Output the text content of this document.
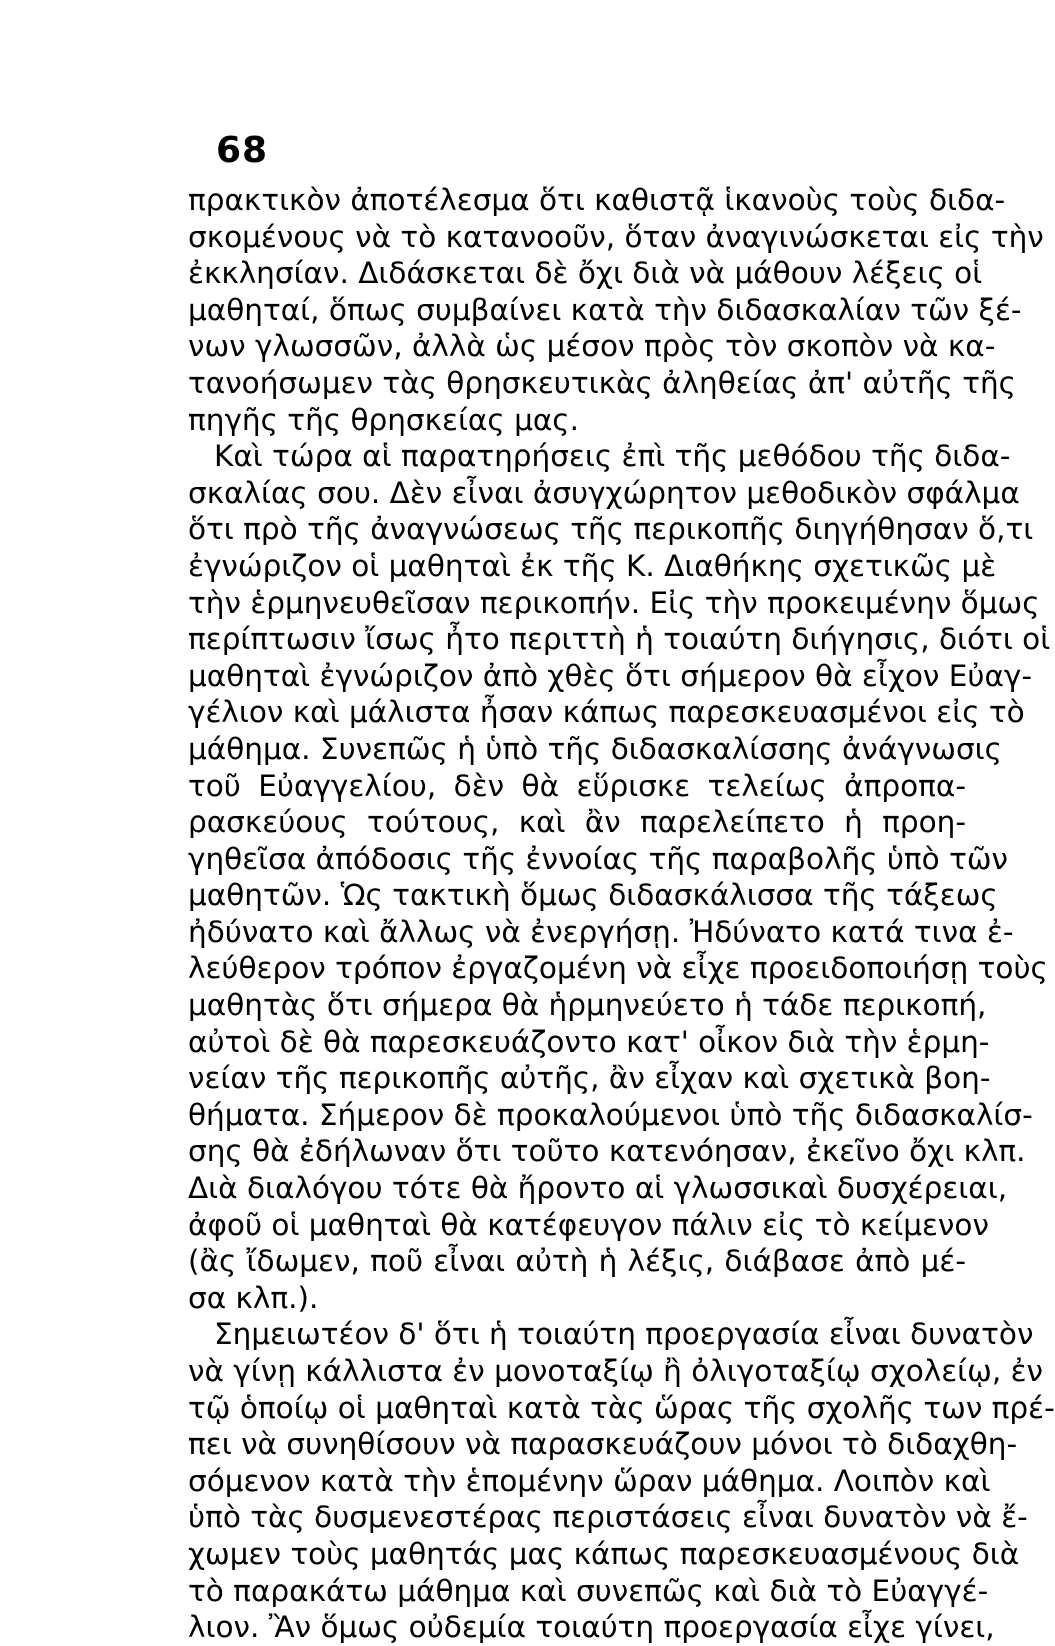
68
πρακτικὸν ἀποτέλεσμα ὅτι καθιστᾷ ἱκανοὺς τοὺς διδα-
σκομένους νὰ τὸ κατανοοῦν, ὅταν ἀναγινώσκεται εἰς τὴν
ἐκκλησίαν. Διδάσκεται δὲ ὄχι διὰ νὰ μάθουν λέξεις οἱ
μαθηταί, ὅπως συμβαίνει κατὰ τὴν διδασκαλίαν τῶν ξέ-
νων γλωσσῶν, ἀλλὰ ὡς μέσον πρὸς τὸν σκοπὸν νὰ κα-
τανοήσωμεν τὰς θρησκευτικὰς ἀληθείας ἀπ' αὐτῆς τῆς
πηγῆς τῆς θρησκείας μας.
Καὶ τώρα αἱ παρατηρήσεις ἐπὶ τῆς μεθόδου τῆς διδα-
σκαλίας σου. Δὲν εἶναι ἀσυγχώρητον μεθοδικὸν σφάλμα
ὅτι πρὸ τῆς ἀναγνώσεως τῆς περικοπῆς διηγήθησαν ὅ,τι
ἐγνώριζον οἱ μαθηταὶ ἐκ τῆς Κ. Διαθήκης σχετικῶς μὲ
τὴν ἑρμηνευθεῖσαν περικοπήν. Εἰς τὴν προκειμένην ὅμως
περίπτωσιν ἴσως ἦτο περιττὴ ἡ τοιαύτη διήγησις, διότι οἱ
μαθηταὶ ἐγνώριζον ἀπὸ χθὲς ὅτι σήμερον θὰ εἶχον Εὐαγ-
γέλιον καὶ μάλιστα ἦσαν κάπως παρεσκευασμένοι εἰς τὸ
μάθημα. Συνεπῶς ἡ ὑπὸ τῆς διδασκαλίσσης ἀνάγνωσις
τοῦ Εὐαγγελίου, δὲν θὰ εὕρισκε τελείως ἀπροπα-
ρασκεύους τούτους, καὶ ἂν παρελείπετο ἡ προη-
γηθεῖσα ἀπόδοσις τῆς ἐννοίας τῆς παραβολῆς ὑπὸ τῶν
μαθητῶν. Ὡς τακτικὴ ὅμως διδασκάλισσα τῆς τάξεως
ἠδύνατο καὶ ἄλλως νὰ ἐνεργήσῃ. Ἠδύνατο κατά τινα ἐ-
λεύθερον τρόπον ἐργαζομένη νὰ εἶχε προειδοποιήσῃ τοὺς
μαθητὰς ὅτι σήμερα θὰ ἡρμηνεύετο ἡ τάδε περικοπή,
αὐτοὶ δὲ θὰ παρεσκευάζοντο κατ' οἶκον διὰ τὴν ἑρμη-
νείαν τῆς περικοπῆς αὐτῆς, ἂν εἶχαν καὶ σχετικὰ βοη-
θήματα. Σήμερον δὲ προκαλούμενοι ὑπὸ τῆς διδασκαλίσ-
σης θὰ ἐδήλωναν ὅτι τοῦτο κατενόησαν, ἐκεῖνο ὄχι κλπ.
Διὰ διαλόγου τότε θὰ ἤροντο αἱ γλωσσικαὶ δυσχέρειαι,
ἀφοῦ οἱ μαθηταὶ θὰ κατέφευγον πάλιν εἰς τὸ κείμενον
(ἂς ἴδωμεν, ποῦ εἶναι αὐτὴ ἡ λέξις, διάβασε ἀπὸ μέ-
σα κλπ.).
Σημειωτέον δ' ὅτι ἡ τοιαύτη προεργασία εἶναι δυνατὸν
νὰ γίνῃ κάλλιστα ἐν μονοταξίῳ ἢ ὀλιγοταξίῳ σχολείῳ, ἐν
τῷ ὁποίῳ οἱ μαθηταὶ κατὰ τὰς ὥρας τῆς σχολῆς των πρέ-
πει νὰ συνηθίσουν νὰ παρασκευάζουν μόνοι τὸ διδαχθη-
σόμενον κατὰ τὴν ἑπομένην ὥραν μάθημα. Λοιπὸν καὶ
ὑπὸ τὰς δυσμενεστέρας περιστάσεις εἶναι δυνατὸν νὰ ἔ-
χωμεν τοὺς μαθητάς μας κάπως παρεσκευασμένους διὰ
τὸ παρακάτω μάθημα καὶ συνεπῶς καὶ διὰ τὸ Εὐαγγέ-
λιον. Ἂν ὅμως οὐδεμία τοιαύτη προεργασία εἶχε γίνει,
